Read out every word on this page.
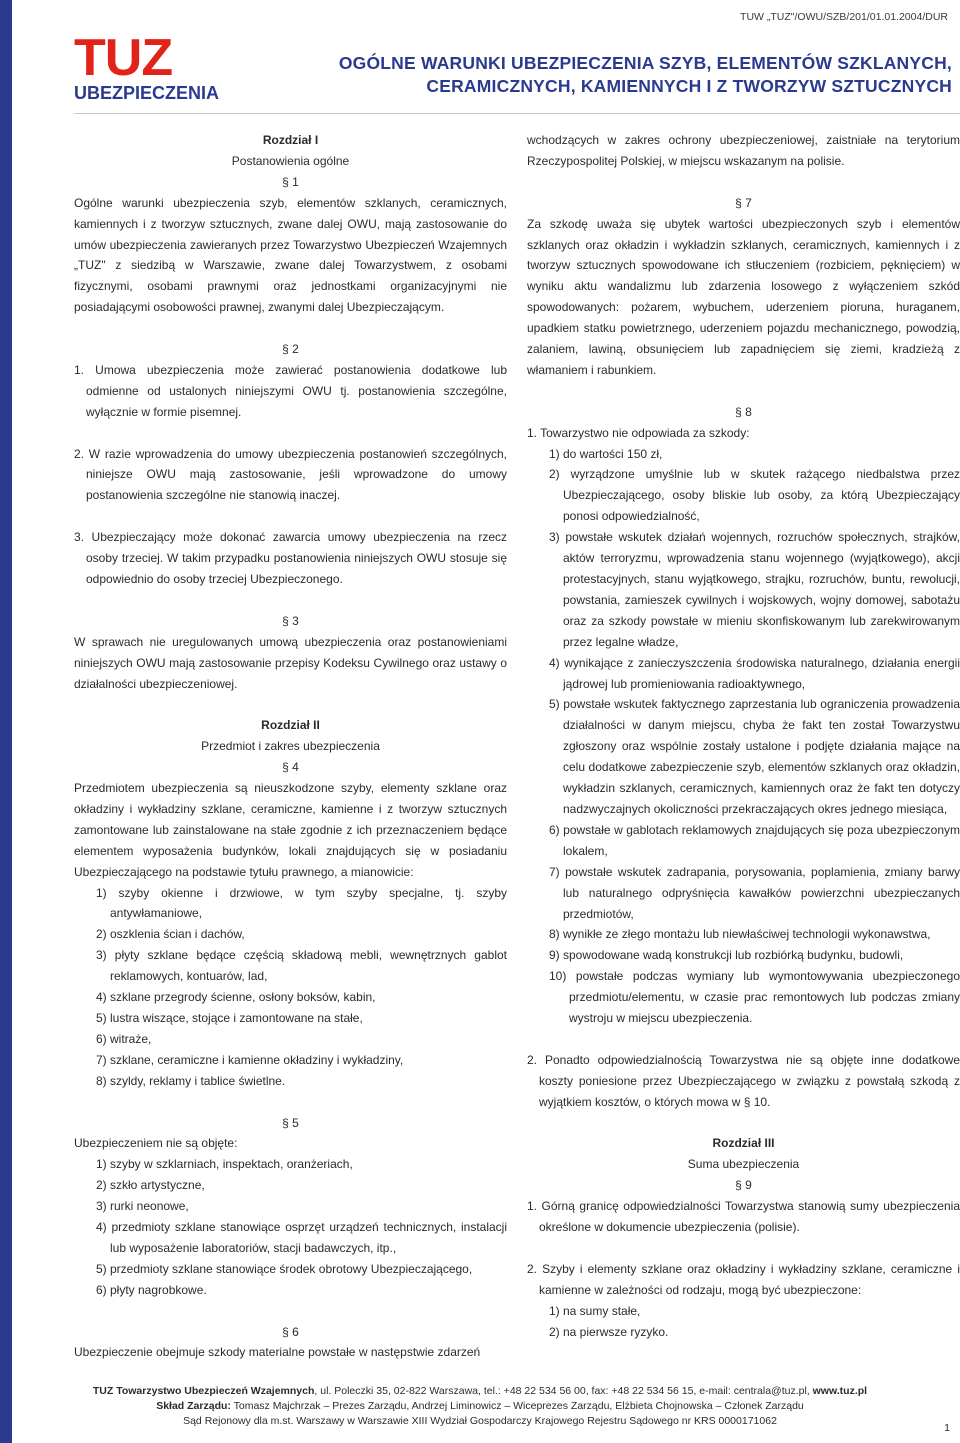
TUW „TUZ"/OWU/SZB/201/01.01.2004/DUR
TUZ
UBEZPIECZENIA
OGÓLNE WARUNKI UBEZPIECZENIA SZYB, ELEMENTÓW SZKLANYCH,
CERAMICZNYCH, KAMIENNYCH I Z TWORZYW SZTUCZNYCH
Rozdział I
Postanowienia ogólne
§ 1
Ogólne warunki ubezpieczenia szyb, elementów szklanych, ceramicznych, kamiennych i z tworzyw sztucznych, zwane dalej OWU, mają zastosowanie do umów ubezpieczenia zawieranych przez Towarzystwo Ubezpieczeń Wzajemnych „TUZ" z siedzibą w Warszawie, zwane dalej Towarzystwem, z osobami fizycznymi, osobami prawnymi oraz jednostkami organizacyjnymi nie posiadającymi osobowości prawnej, zwanymi dalej Ubezpieczającym.
§ 2
1. Umowa ubezpieczenia może zawierać postanowienia dodatkowe lub odmienne od ustalonych niniejszymi OWU tj. postanowienia szczególne, wyłącznie w formie pisemnej.
2. W razie wprowadzenia do umowy ubezpieczenia postanowień szczególnych, niniejsze OWU mają zastosowanie, jeśli wprowadzone do umowy postanowienia szczególne nie stanowią inaczej.
3. Ubezpieczający może dokonać zawarcia umowy ubezpieczenia na rzecz osoby trzeciej. W takim przypadku postanowienia niniejszych OWU stosuje się odpowiednio do osoby trzeciej Ubezpieczonego.
§ 3
W sprawach nie uregulowanych umową ubezpieczenia oraz postanowieniami niniejszych OWU mają zastosowanie przepisy Kodeksu Cywilnego oraz ustawy o działalności ubezpieczeniowej.
Rozdział II
Przedmiot i zakres ubezpieczenia
§ 4
Przedmiotem ubezpieczenia są nieuszkodzone szyby, elementy szklane oraz okładziny i wykładziny szklane, ceramiczne, kamienne i z tworzyw sztucznych zamontowane lub zainstalowane na stałe zgodnie z ich przeznaczeniem będące elementem wyposażenia budynków, lokali znajdujących się w posiadaniu Ubezpieczającego na podstawie tytułu prawnego, a mianowicie:
1) szyby okienne i drzwiowe, w tym szyby specjalne, tj. szyby antywłamaniowe,
2) oszklenia ścian i dachów,
3) płyty szklane będące częścią składową mebli, wewnętrznych gablot reklamowych, kontuarów, lad,
4) szklane przegrody ścienne, osłony boksów, kabin,
5) lustra wiszące, stojące i zamontowane na stałe,
6) witraże,
7) szklane, ceramiczne i kamienne okładziny i wykładziny,
8) szyldy, reklamy i tablice świetlne.
§ 5
Ubezpieczeniem nie są objęte:
1) szyby w szklarniach, inspektach, oranżeriach,
2) szkło artystyczne,
3) rurki neonowe,
4) przedmioty szklane stanowiące osprzęt urządzeń technicznych, instalacji lub wyposażenie laboratoriów, stacji badawczych, itp.,
5) przedmioty szklane stanowiące środek obrotowy Ubezpieczającego,
6) płyty nagrobkowe.
§ 6
Ubezpieczenie obejmuje szkody materialne powstałe w następstwie zdarzeń
wchodzących w zakres ochrony ubezpieczeniowej, zaistniałe na terytorium Rzeczypospolitej Polskiej, w miejscu wskazanym na polisie.
§ 7
Za szkodę uważa się ubytek wartości ubezpieczonych szyb i elementów szklanych oraz okładzin i wykładzin szklanych, ceramicznych, kamiennych i z tworzyw sztucznych spowodowane ich stłuczeniem (rozbiciem, pęknięciem) w wyniku aktu wandalizmu lub zdarzenia losowego z wyłączeniem szkód spowodowanych: pożarem, wybuchem, uderzeniem pioruna, huraganem, upadkiem statku powietrznego, uderzeniem pojazdu mechanicznego, powodzią, zalaniem, lawiną, obsunięciem lub zapadnięciem się ziemi, kradzieżą z włamaniem i rabunkiem.
§ 8
1. Towarzystwo nie odpowiada za szkody:
1) do wartości 150 zł,
2) wyrządzone umyślnie lub w skutek rażącego niedbalstwa przez Ubezpieczającego, osoby bliskie lub osoby, za którą Ubezpieczający ponosi odpowiedzialność,
3) powstałe wskutek działań wojennych, rozruchów społecznych, strajków, aktów terroryzmu, wprowadzenia stanu wojennego (wyjątkowego), akcji protestacyjnych, stanu wyjątkowego, strajku, rozruchów, buntu, rewolucji, powstania, zamieszek cywilnych i wojskowych, wojny domowej, sabotażu oraz za szkody powstałe w mieniu skonfiskowanym lub zarekwirowanym przez legalne władze,
4) wynikające z zanieczyszczenia środowiska naturalnego, działania energii jądrowej lub promieniowania radioaktywnego,
5) powstałe wskutek faktycznego zaprzestania lub ograniczenia prowadzenia działalności w danym miejscu, chyba że fakt ten został Towarzystwu zgłoszony oraz wspólnie zostały ustalone i podjęte działania mające na celu dodatkowe zabezpieczenie szyb, elementów szklanych oraz okładzin, wykładzin szklanych, ceramicznych, kamiennych oraz że fakt ten dotyczy nadzwyczajnych okoliczności przekraczających okres jednego miesiąca,
6) powstałe w gablotach reklamowych znajdujących się poza ubezpieczonym lokalem,
7) powstałe wskutek zadrapania, porysowania, poplamienia, zmiany barwy lub naturalnego odpryśnięcia kawałków powierzchni ubezpieczanych przedmiotów,
8) wynikłe ze złego montażu lub niewłaściwej technologii wykonawstwa,
9) spowodowane wadą konstrukcji lub rozbiórką budynku, budowli,
10) powstałe podczas wymiany lub wymontowywania ubezpieczonego przedmiotu/elementu, w czasie prac remontowych lub podczas zmiany wystroju w miejscu ubezpieczenia.
2. Ponadto odpowiedzialnością Towarzystwa nie są objęte inne dodatkowe koszty poniesione przez Ubezpieczającego w związku z powstałą szkodą z wyjątkiem kosztów, o których mowa w § 10.
Rozdział III
Suma ubezpieczenia
§ 9
1. Górną granicę odpowiedzialności Towarzystwa stanowią sumy ubezpieczenia określone w dokumencie ubezpieczenia (polisie).
2. Szyby i elementy szklane oraz okładziny i wykładziny szklane, ceramiczne i kamienne w zależności od rodzaju, mogą być ubezpieczone:
1) na sumy stałe,
2) na pierwsze ryzyko.
TUZ Towarzystwo Ubezpieczeń Wzajemnych, ul. Poleczki 35, 02-822 Warszawa, tel.: +48 22 534 56 00, fax: +48 22 534 56 15, e-mail: centrala@tuz.pl, www.tuz.pl
Skład Zarządu: Tomasz Majchrzak – Prezes Zarządu, Andrzej Liminowicz – Wiceprezes Zarządu, Elżbieta Chojnowska – Członek Zarządu
Sąd Rejonowy dla m.st. Warszawy w Warszawie XIII Wydział Gospodarczy Krajowego Rejestru Sądowego nr KRS 0000171062
1
